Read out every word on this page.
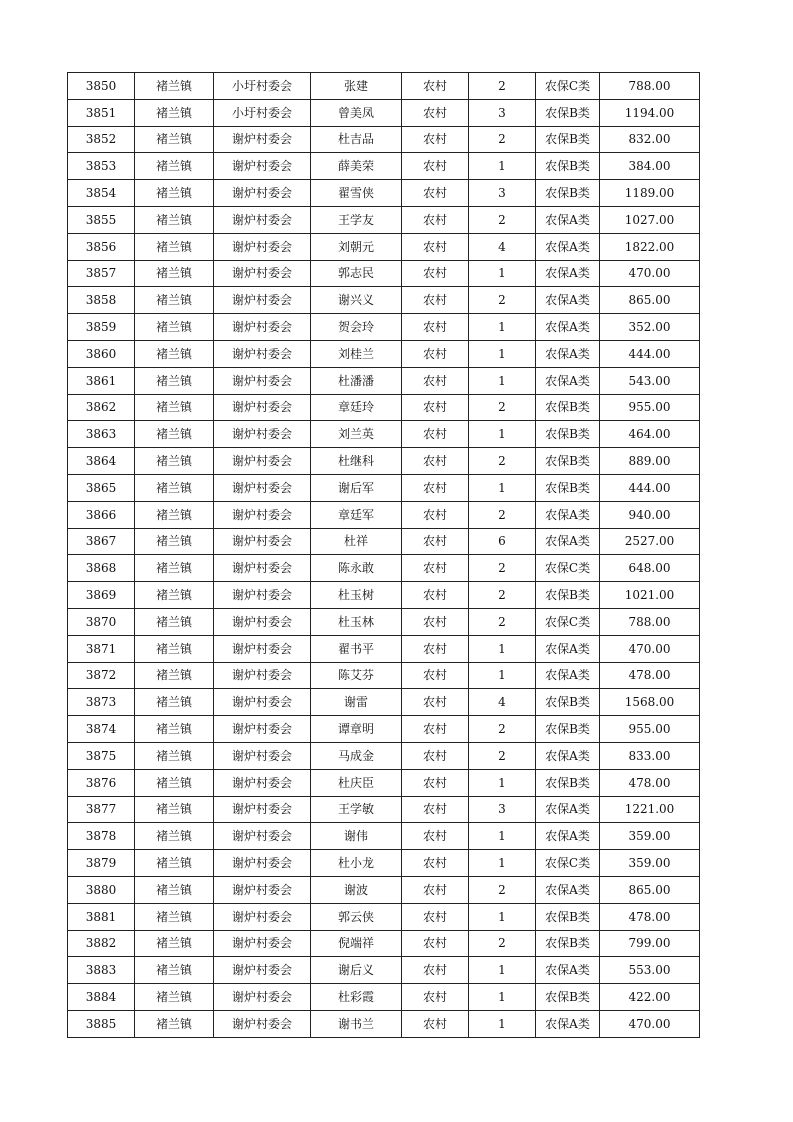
3850	褚兰镇	小圩村委会	张建	农村	2	农保C类	788.00
3851	褚兰镇	小圩村委会	曾美凤	农村	3	农保B类	1194.00
3852	褚兰镇	谢炉村委会	杜吉品	农村	2	农保B类	832.00
3853	褚兰镇	谢炉村委会	薛美荣	农村	1	农保B类	384.00
3854	褚兰镇	谢炉村委会	翟雪侠	农村	3	农保B类	1189.00
3855	褚兰镇	谢炉村委会	王学友	农村	2	农保A类	1027.00
3856	褚兰镇	谢炉村委会	刘朝元	农村	4	农保A类	1822.00
3857	褚兰镇	谢炉村委会	郭志民	农村	1	农保A类	470.00
3858	褚兰镇	谢炉村委会	谢兴义	农村	2	农保A类	865.00
3859	褚兰镇	谢炉村委会	贺会玲	农村	1	农保A类	352.00
3860	褚兰镇	谢炉村委会	刘桂兰	农村	1	农保A类	444.00
3861	褚兰镇	谢炉村委会	杜潘潘	农村	1	农保A类	543.00
3862	褚兰镇	谢炉村委会	章廷玲	农村	2	农保B类	955.00
3863	褚兰镇	谢炉村委会	刘兰英	农村	1	农保B类	464.00
3864	褚兰镇	谢炉村委会	杜继科	农村	2	农保B类	889.00
3865	褚兰镇	谢炉村委会	谢后军	农村	1	农保B类	444.00
3866	褚兰镇	谢炉村委会	章廷军	农村	2	农保A类	940.00
3867	褚兰镇	谢炉村委会	杜祥	农村	6	农保A类	2527.00
3868	褚兰镇	谢炉村委会	陈永敢	农村	2	农保C类	648.00
3869	褚兰镇	谢炉村委会	杜玉树	农村	2	农保B类	1021.00
3870	褚兰镇	谢炉村委会	杜玉林	农村	2	农保C类	788.00
3871	褚兰镇	谢炉村委会	翟书平	农村	1	农保A类	470.00
3872	褚兰镇	谢炉村委会	陈艾芬	农村	1	农保A类	478.00
3873	褚兰镇	谢炉村委会	谢雷	农村	4	农保B类	1568.00
3874	褚兰镇	谢炉村委会	谭章明	农村	2	农保B类	955.00
3875	褚兰镇	谢炉村委会	马成金	农村	2	农保A类	833.00
3876	褚兰镇	谢炉村委会	杜庆臣	农村	1	农保B类	478.00
3877	褚兰镇	谢炉村委会	王学敏	农村	3	农保A类	1221.00
3878	褚兰镇	谢炉村委会	谢伟	农村	1	农保A类	359.00
3879	褚兰镇	谢炉村委会	杜小龙	农村	1	农保C类	359.00
3880	褚兰镇	谢炉村委会	谢波	农村	2	农保A类	865.00
3881	褚兰镇	谢炉村委会	郭云侠	农村	1	农保B类	478.00
3882	褚兰镇	谢炉村委会	倪端祥	农村	2	农保B类	799.00
3883	褚兰镇	谢炉村委会	谢后义	农村	1	农保A类	553.00
3884	褚兰镇	谢炉村委会	杜彩霞	农村	1	农保B类	422.00
3885	褚兰镇	谢炉村委会	谢书兰	农村	1	农保A类	470.00
